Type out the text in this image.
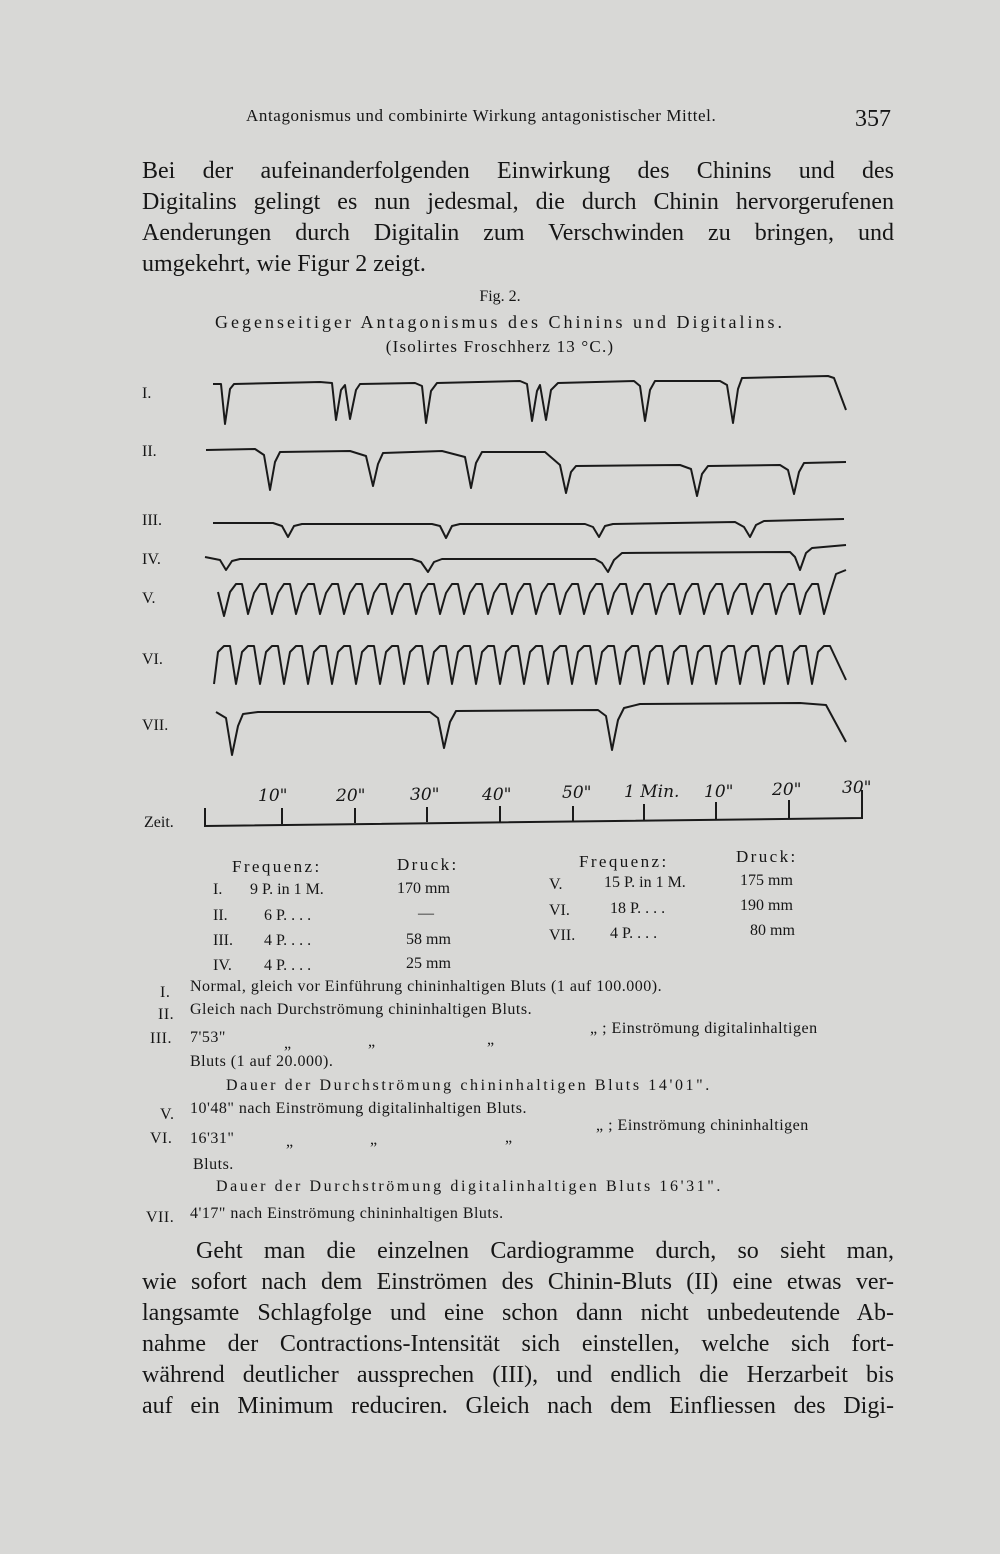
Antagonismus und combinirte Wirkung antagonistischer Mittel.	357
Bei der aufeinanderfolgenden Einwirkung des Chinins und des
Digitalins gelingt es nun jedesmal, die durch Chinin hervorgerufenen
Aenderungen durch Digitalin zum Verschwinden zu bringen, und
umgekehrt, wie Figur 2 zeigt.
Fig. 2.
Gegenseitiger Antagonismus des Chinins und Digitalins.
(Isolirtes Froschherz 13 °C.)
I.
II.
III.
IV.
V.
VI.
VII.
Zeit.
10"	20"	30"	40"	50" 1 Min. 10" 20" 30"
Frequenz:	Druck:	Frequenz:	Druck:
I. 9 P. in 1 M.	170 mm
II. 6 P. . . .	—
III. 4 P. . . .	58 mm
IV. 4 P. . . .	25 mm
V.	15 P. in 1 M.	175 mm
VI.	18 P. . . .	190 mm
VII. 4 P. . . .	80 mm
I. Normal, gleich vor Einführung chininhaltigen Bluts (1 auf 100.000).
II. Gleich nach Durchströmung chininhaltigen Bluts.
III. 7'53"	„	„	„
„ ; Einströmung digitalinhaltigen
Bluts (1 auf 20.000).
Dauer der Durchströmung chininhaltigen Bluts 14'01".
V. 10'48" nach Einströmung digitalinhaltigen Bluts.
VI. 16'31"	„	„	„
„ ; Einströmung chininhaltigen
Bluts.
Dauer der Durchströmung digitalinhaltigen Bluts 16'31".
VII. 4'17" nach Einströmung chininhaltigen Bluts.
Geht man die einzelnen Cardiogramme durch, so sieht man,
wie sofort nach dem Einströmen des Chinin-Bluts (II) eine etwas ver-
langsamte Schlagfolge und eine schon dann nicht unbedeutende Ab-
nahme der Contractions-Intensität sich einstellen, welche sich fort-
während deutlicher aussprechen (III), und endlich die Herzarbeit bis
auf ein Minimum reduciren. Gleich nach dem Einfliessen des Digi-
